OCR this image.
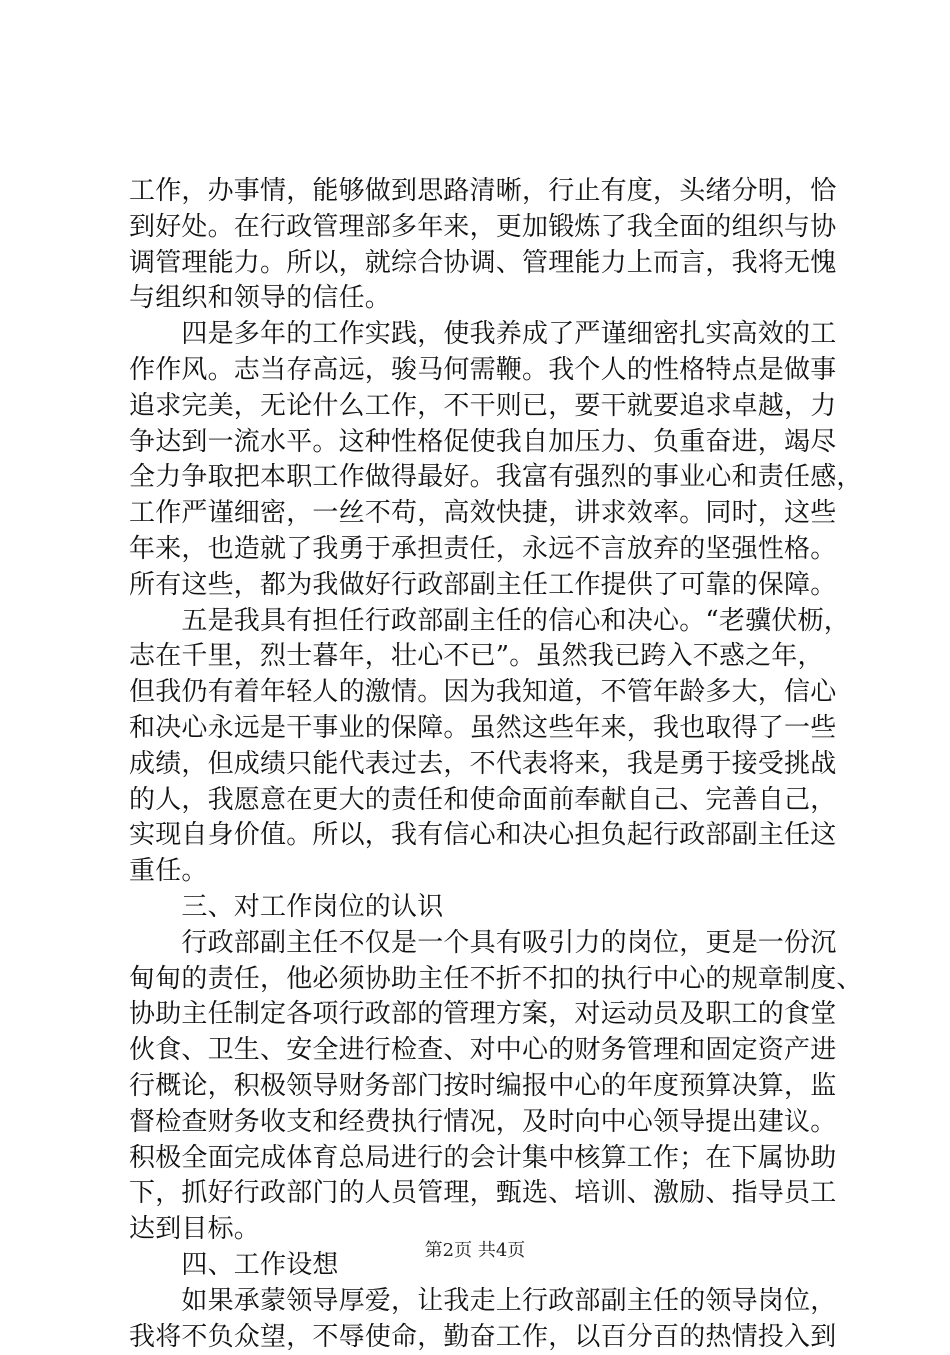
工作，办事情，能够做到思路清晰，行止有度，头绪分明，恰
到好处。在行政管理部多年来，更加锻炼了我全面的组织与协
调管理能力。所以，就综合协调、管理能力上而言，我将无愧
与组织和领导的信任。
　　四是多年的工作实践，使我养成了严谨细密扎实高效的工
作作风。志当存高远，骏马何需鞭。我个人的性格特点是做事
追求完美，无论什么工作，不干则已，要干就要追求卓越，力
争达到一流水平。这种性格促使我自加压力、负重奋进，竭尽
全力争取把本职工作做得最好。我富有强烈的事业心和责任感，
工作严谨细密，一丝不苟，高效快捷，讲求效率。同时，这些
年来，也造就了我勇于承担责任，永远不言放弃的坚强性格。
所有这些，都为我做好行政部副主任工作提供了可靠的保障。
　　五是我具有担任行政部副主任的信心和决心。“老骥伏枥，
志在千里，烈士暮年，壮心不已”。虽然我已跨入不惑之年，
但我仍有着年轻人的激情。因为我知道，不管年龄多大，信心
和决心永远是干事业的保障。虽然这些年来，我也取得了一些
成绩，但成绩只能代表过去，不代表将来，我是勇于接受挑战
的人，我愿意在更大的责任和使命面前奉献自己、完善自己，
实现自身价值。所以，我有信心和决心担负起行政部副主任这
重任。
　　三、对工作岗位的认识
　　行政部副主任不仅是一个具有吸引力的岗位，更是一份沉
甸甸的责任，他必须协助主任不折不扣的执行中心的规章制度、
协助主任制定各项行政部的管理方案，对运动员及职工的食堂
伙食、卫生、安全进行检查、对中心的财务管理和固定资产进
行概论，积极领导财务部门按时编报中心的年度预算决算，监
督检查财务收支和经费执行情况，及时向中心领导提出建议。
积极全面完成体育总局进行的会计集中核算工作；在下属协助
下，抓好行政部门的人员管理，甄选、培训、激励、指导员工
达到目标。
　　四、工作设想
　　如果承蒙领导厚爱，让我走上行政部副主任的领导岗位，
我将不负众望，不辱使命，勤奋工作，以百分百的热情投入到
第2页 共4页
